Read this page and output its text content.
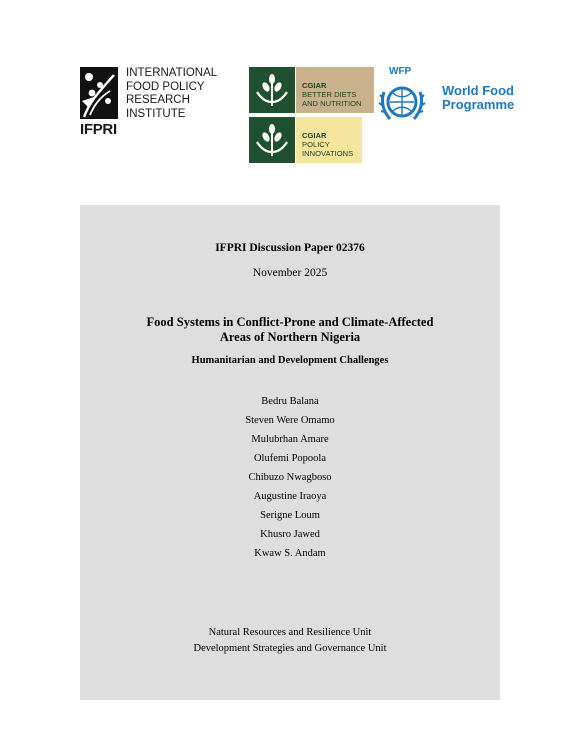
IFPRI
INTERNATIONAL
FOOD POLICY
RESEARCH
INSTITUTE
CGIAR
BETTER DIETS
AND NUTRITION
CGIAR
POLICY
INNOVATIONS
WFP
World Food
Programme

IFPRI Discussion Paper 02376

November 2025

Food Systems in Conflict-Prone and Climate-Affected
Areas of Northern Nigeria
Humanitarian and Development Challenges
Bedru Balana
Steven Were Omamo
Mulubrhan Amare
Olufemi Popoola
Chibuzo Nwagboso
Augustine Iraoya
Serigne Loum
Khusro Jawed
Kwaw S. Andam
Natural Resources and Resilience Unit
Development Strategies and Governance Unit
